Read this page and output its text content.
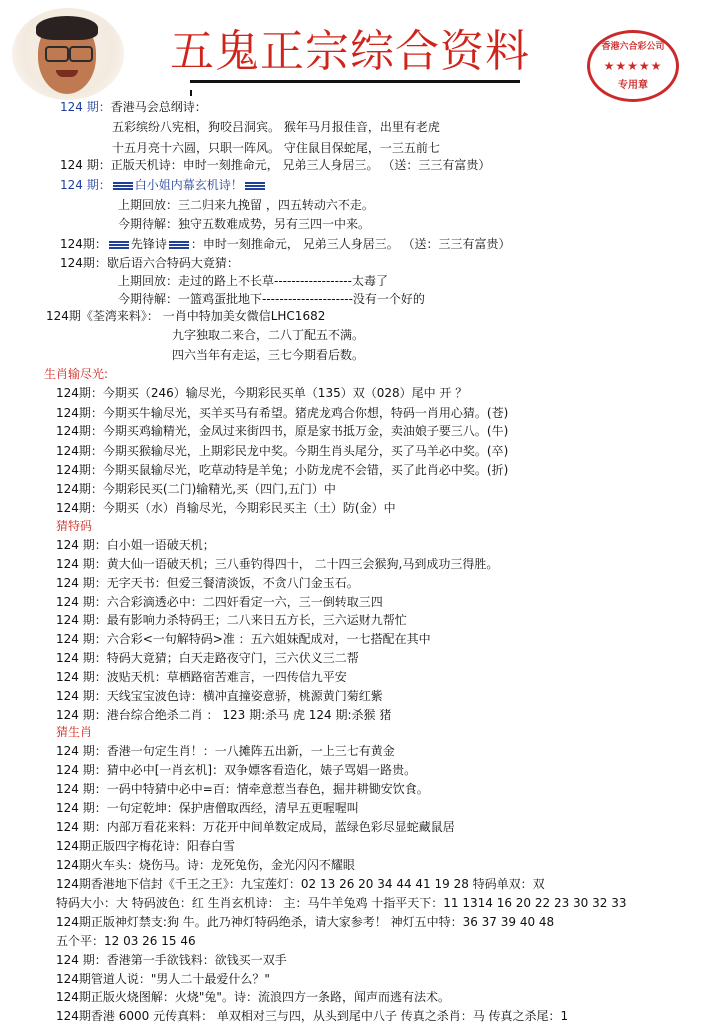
五鬼正宗综合资料	香港六合彩公司
★★★★★
专用章
124 期：香港马会总纲诗：
五彩缤纷八宪相，狗咬吕洞宾。 猴年马月报佳音，出里有老虎
十五月亮十六圆，只职一阵风。 守住鼠目保蛇尾，一三五前七
124 期：正版天机诗：申时一刻推命元， 兄弟三人身居三。 （送：三三有富贵）
124 期： 白小姐内幕玄机诗！
上期回放：三二归来九挽留 ，四五转动六不走。
今期待解：独守五数难成势，另有三四一中来。
124期： 先锋诗 ：申时一刻推命元， 兄弟三人身居三。 （送：三三有富贵）
124期：歇后语六合特码大竟猜：
上期回放：走过的路上不长草------------------太毒了
今期待解：一篮鸡蛋批地下---------------------没有一个好的
124期《荃湾来料》： 一肖中特加美女微信LHC1682
九字独取二来合，二八丁配五不满。
四六当年有走运，三七今期看后数。
生肖输尽光:
124期：今期买（246）输尽光，今期彩民买单（135）双（028）尾中 开 ？
124期：今期买牛输尽光，买羊买马有希望。猪虎龙鸡合你想，特码一肖用心猜。(苍)
124期：今期买鸡输精光，金凤过来街四书，原是家书抵万金，卖油娘子要三八。(牛)
124期：今期买猴输尽光，上期彩民龙中奖。今期生肖头尾分，买了马羊必中奖。(卒)
124期：今期买鼠输尽光，吃草动特是羊兔；小防龙虎不会错，买了此肖必中奖。(折)
124期：今期彩民买(二门)输精光,买（四门,五门）中
124期：今期买（水）肖输尽光，今期彩民买主（土）防(金）中
猜特码
124 期：白小姐一语破天机；
124 期：黄大仙一语破天机；三八垂钓得四十， 二十四三会猴狗,马到成功三得胜。
124 期：无字天书：但爱三餐清淡饭，不贪八门金玉石。
124 期：六合彩滴透必中：二四奸看定一六，三一倒转取三四
124 期：最有影响力杀特码王；二八来日五方长，三六运财九帮忙
124 期：六合彩<一句解特码>准 ：五六姐妹配成对，一七搭配在其中
124 期：特码大竟猜；白天走路夜守门，三六伏义三二帮
124 期：波贴天机：草栖路宿苦难言，一四传信九平安
124 期：天线宝宝波色诗：横冲直撞姿意骄，桃源黄门菊红紫
124 期：港台综合绝杀二肖 ： 123 期:杀马 虎 124 期:杀猴 猪
猜生肖
124 期：香港一句定生肖！：一八摊阵五出新，一上三七有黄金
124 期：猜中必中[一肖玄机]：双争嫖客看造化，婊子骂娼一路贵。
124 期：一码中特猜中必中=百：情牵意惹当春色，掘井耕锄安饮食。
124 期：一句定乾坤：保护唐僧取西经，清早五更喔喔叫
124 期：内部万看花来料：万花开中间单数定成局，蓝绿色彩尽显蛇藏鼠居
124期正版四字梅花诗：阳春白雪
124期火车头：烧伤马。诗：龙死兔伤，金光闪闪不耀眼
124期香港地下信封《千王之王》：九宝莲灯：02 13 26 20 34 44 41 19 28 特码单双：双
特码大小：大 特码波色：红 生肖玄机诗： 主：马牛羊兔鸡 十指平天下：11 1314 16 20 22 23 30 32 33
124期正版神灯禁支:狗 牛。此乃神灯特码绝杀，请大家参考！ 神灯五中特：36 37 39 40 48
五个平：12 03 26 15 46
124 期：香港第一手欲钱料：欲钱买一双手
124期管道人说："男人二十最爱什么？"
124期正版火烧图解：火烧"兔"。诗：流浪四方一条路，闻声而逃有法术。
124期香港 6000 元传真料： 单双相对三与四，从头到尾中八子 传真之杀肖：马 传真之杀尾：1
